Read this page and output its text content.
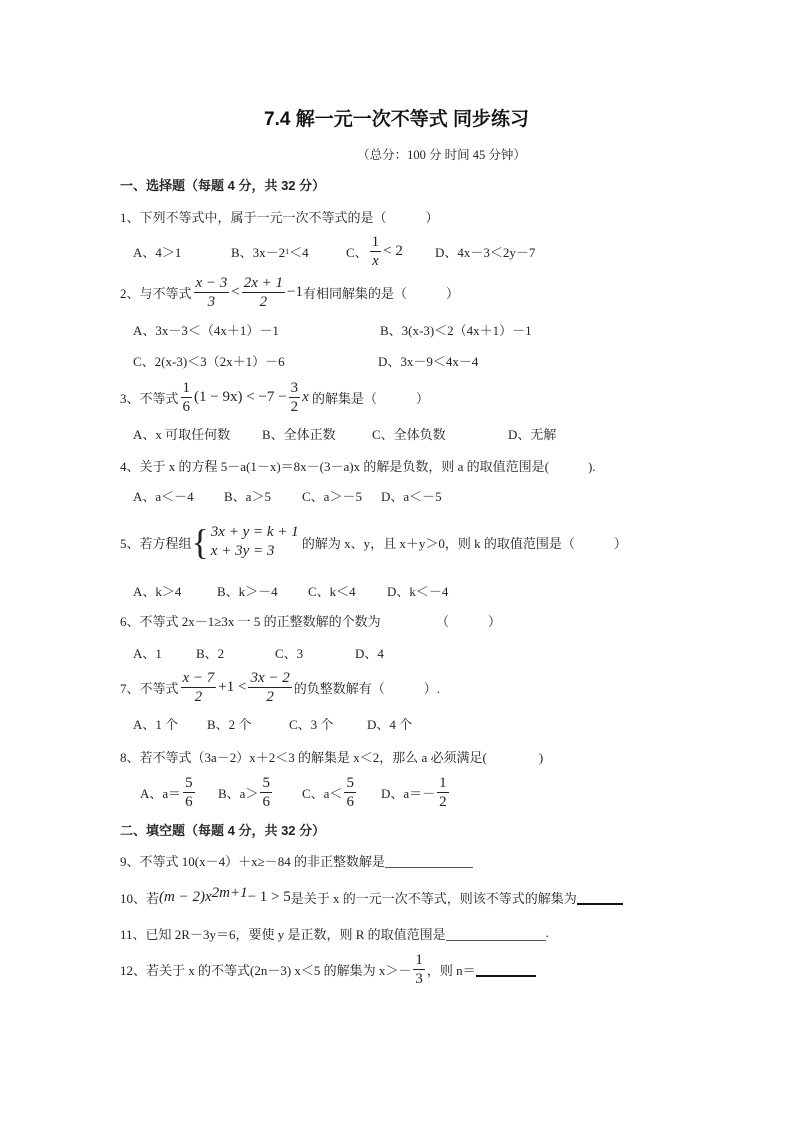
7.4 解一元一次不等式 同步练习
（总分：100 分 时间 45 分钟）
一、选择题（每题 4 分，共 32 分）
1、下列不等式中，属于一元一次不等式的是（　　　）
A、4＞1	B、3x－2 1 ＜4	C、 $\frac{1}{x} < 2$ D、4x－3＜2y－7
2、与不等式 $\frac{x - 3}{3} < \frac{2x + 1}{2} -1$ 有相同解集的是（　　　）
A、3x－3＜（4x＋1）－1	B、3(x-3)＜2（4x＋1）－1
C、2(x-3)＜3（2x＋1）－6	D、3x－9＜4x－4
3、不等式 $\frac{1}{6} (1 - 9x) < -7 - \frac{3}{2}$ x
的解集是（　　　）
A、x 可取任何数 B、全体正数	C、全体负数	D、无解
4、关于 x 的方程 5－a(1－x)＝8x－(3－a)x 的解是负数，则 a 的取值范围是(　　　).
A、a＜－4 B、a＞5 C、a＞－5 D、a＜－5
5、若方程组 { 3x + y = k + 1
x + 3y = 3
	的解为 x、y，且 x＋y＞0，则 k 的取值范围是（　　　）
A、k＞4	B、k＞－4 C、k＜4 D、k＜－4
6、不等式 2x－1≥3x 一 5 的正整数解的个数为	（　　　）
A、1	B、2	C、3	D、4
7、不等式 $\frac{x - 7}{2} +1 < \frac{3x - 2}{2}$ 的负整数解有（　　　）.
A、1 个 B、2 个	C、3 个	D、4 个
8、若不等式（3a－2）x＋2＜3 的解集是 x＜2，那么 a 必须满足(　　　　)
A、$a= \frac{5}{6}$ B、$a> \frac{5}{6}$ C、$a< \frac{5}{6}$ D、$a=- \frac{1}{2}$
二、填空题（每题 4 分，共 32 分）
9、不等式 10(x－4）＋x≥－84 的非正整数解是
10、若 $(m - 2)x^{2m+1} - 1 > 5$ 是关于 x 的一元一次不等式，则该不等式的解集为
11、已知 2R－3y＝6，要使 y 是正数，则 R 的取值范围是	.
12、若关于 x 的不等式(2n－3) x＜5 的解集为 $x>- \frac{1}{3}$ ，则 n＝
